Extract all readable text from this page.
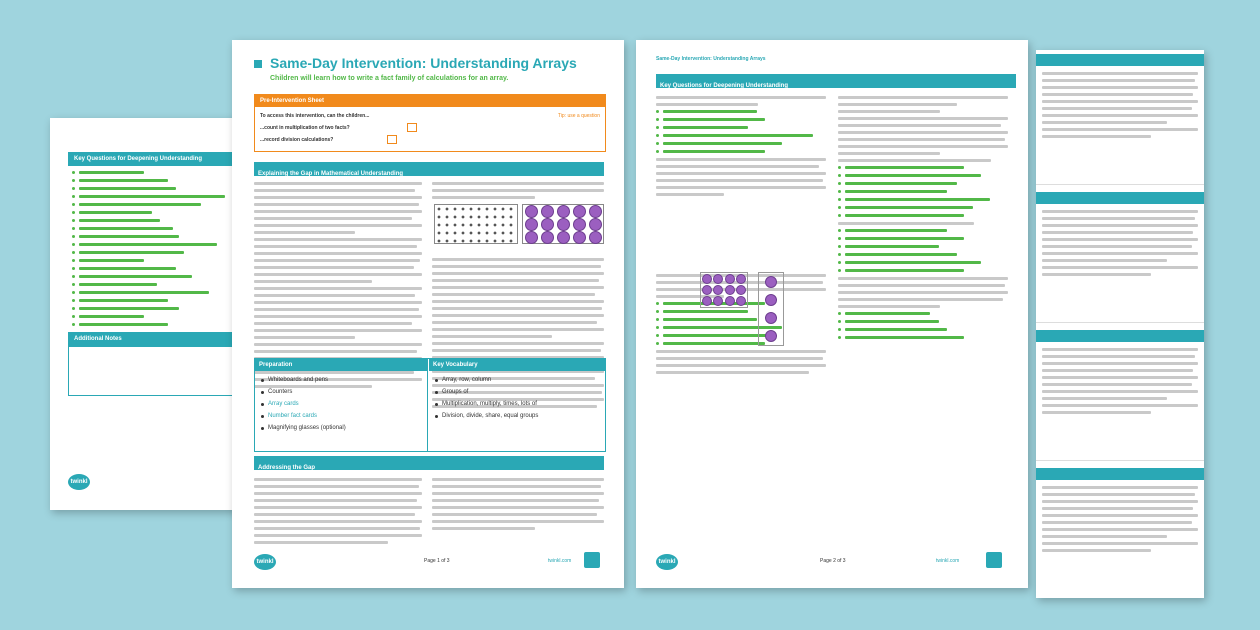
Key Questions for Deepening Understanding
Additional Notes
twinkl
Same-Day Intervention: Understanding Arrays
Children will learn how to write a fact family of calculations for an array.
Pre-Intervention Sheet
To access this intervention, can the children...	Tip: use a question
...count in multiplication of two facts?
...record division calculations?
Explaining the Gap in Mathematical Understanding
Preparation	Key Vocabulary
Whiteboards and pens
Counters
Array cards
Number fact cards
Magnifying glasses (optional)
Array, row, column
Groups of
Multiplication, multiply, times, lots of
Division, divide, share, equal groups
Addressing the Gap
twinkl	Page 1 of 3	twinkl.com
Same-Day Intervention: Understanding Arrays
Key Questions for Deepening Understanding
twinkl	Page 2 of 3	twinkl.com
